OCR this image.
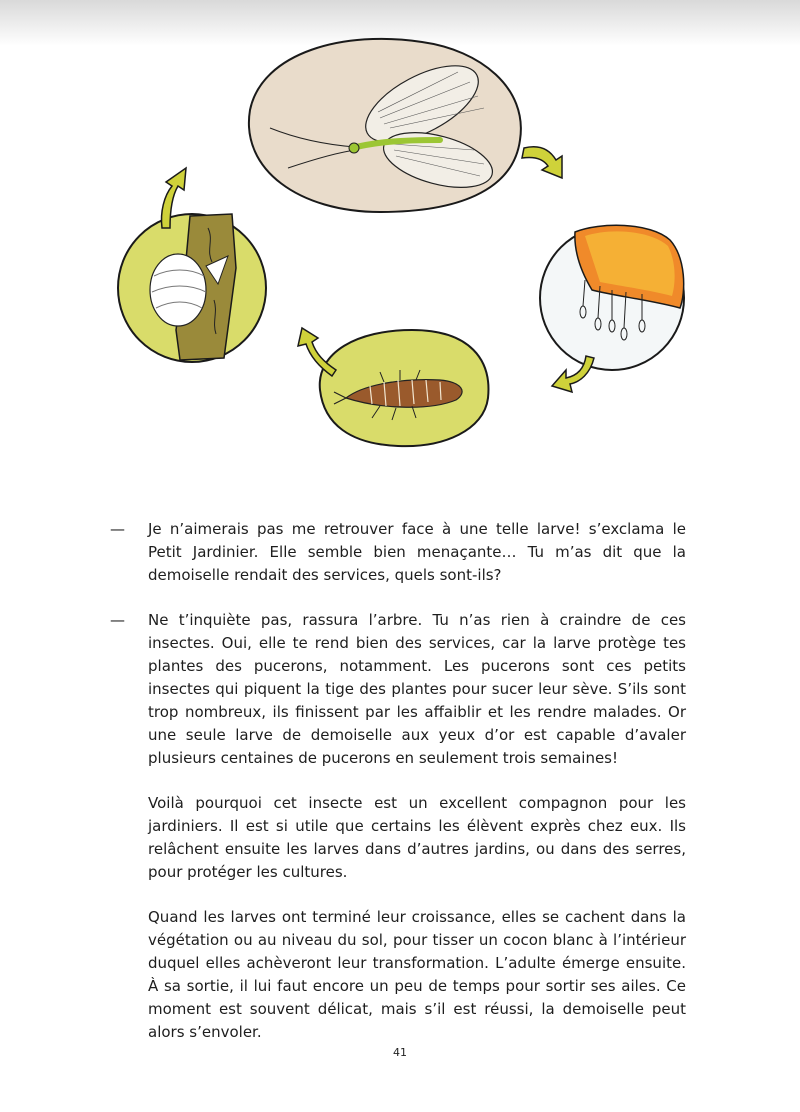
—	Je n’aimerais pas me retrouver face à une telle larve! s’exclama le Petit Jardinier. Elle semble bien menaçante… Tu m’as dit que la demoiselle rendait des services, quels sont-ils?

—	Ne t’inquiète pas, rassura l’arbre. Tu n’as rien à craindre de ces insectes. Oui, elle te rend bien des services, car la larve protège tes plantes des pucerons, notamment. Les pucerons sont ces petits insectes qui piquent la tige des plantes pour sucer leur sève. S’ils sont trop nombreux, ils finissent par les affaiblir et les rendre malades. Or une seule larve de demoiselle aux yeux d’or est capable d’avaler plusieurs centaines de pucerons en seulement trois semaines!

Voilà pourquoi cet insecte est un excellent compagnon pour les jardiniers. Il est si utile que certains les élèvent exprès chez eux. Ils relâchent ensuite les larves dans d’autres jardins, ou dans des serres, pour protéger les cultures.

Quand les larves ont terminé leur croissance, elles se cachent dans la végétation ou au niveau du sol, pour tisser un cocon blanc à l’intérieur duquel elles achèveront leur transformation. L’adulte émerge ensuite. À sa sortie, il lui faut encore un peu de temps pour sortir ses ailes. Ce moment est souvent délicat, mais s’il est réussi, la demoiselle peut alors s’envoler.

41
